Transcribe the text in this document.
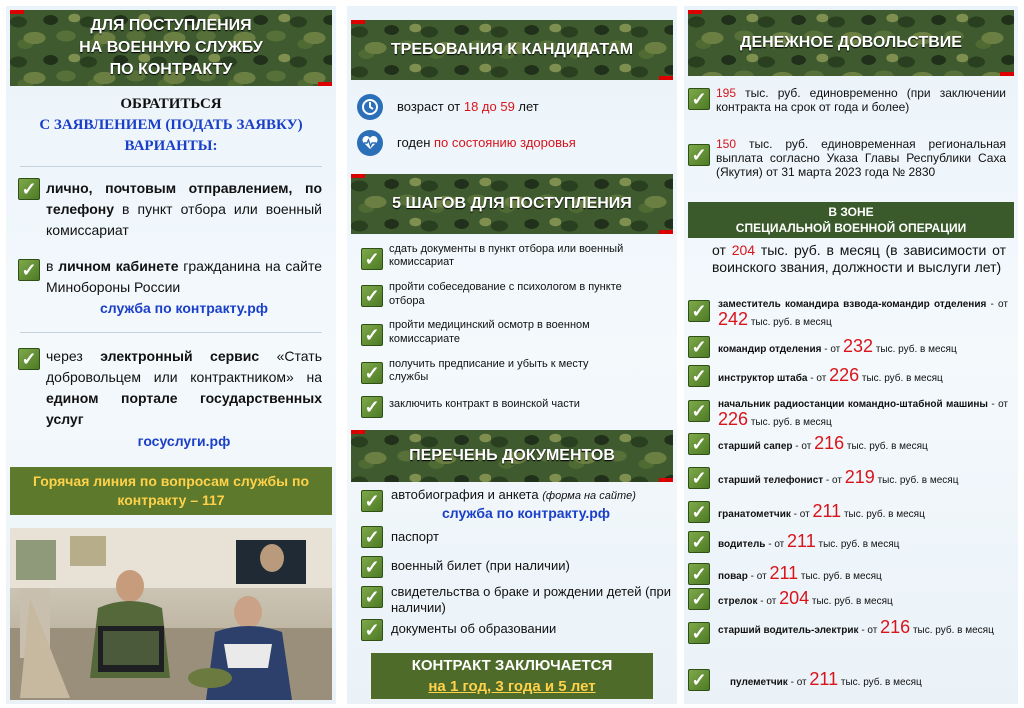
ДЛЯ ПОСТУПЛЕНИЯ
НА ВОЕННУЮ СЛУЖБУ
ПО КОНТРАКТУ
ОБРАТИТЬСЯ
С ЗАЯВЛЕНИЕМ (ПОДАТЬ ЗАЯВКУ)
ВАРИАНТЫ:
✓ лично, почтовым отправлением, по телефону в пункт отбора или военный комиссариат
✓ в личном кабинете гражданина на сайте Минобороны России
служба по контракту.рф
✓ через электронный сервис «Стать добровольцем или контрактником» на едином портале государственных услуг
госуслуги.рф
Горячая линия по вопросам службы по контракту – 117
ТРЕБОВАНИЯ К КАНДИДАТАМ
возраст от 18 до 59 лет
годен по состоянию здоровья
5 ШАГОВ ДЛЯ ПОСТУПЛЕНИЯ
✓ сдать документы в пункт отбора или военный комиссариат
✓ пройти собеседование с психологом в пункте отбора
✓ пройти медицинский осмотр в военном комиссариате
✓ получить предписание и убыть к месту службы
✓ заключить контракт в воинской части
ПЕРЕЧЕНЬ ДОКУМЕНТОВ
✓ автобиография и анкета (форма на сайте)
служба по контракту.рф
✓ паспорт
✓ военный билет (при наличии)
✓ свидетельства о браке и рождении детей (при наличии)
✓ документы об образовании
КОНТРАКТ ЗАКЛЮЧАЕТСЯ
на 1 год, 3 года и 5 лет
ДЕНЕЖНОЕ ДОВОЛЬСТВИЕ
✓ 195 тыс. руб. единовременно (при заключении контракта на срок от года и более)
✓
150 тыс. руб. единовременная региональная выплата согласно Указа Главы Республики Саха (Якутия) от 31 марта 2023 года № 2830
В ЗОНЕ
СПЕЦИАЛЬНОЙ ВОЕННОЙ ОПЕРАЦИИ
от 204 тыс. руб. в месяц (в зависимости от воинского звания, должности и выслуги лет)
✓	заместитель командира взвода-командир отделения - от 242 тыс. руб. в месяц
✓	командир отделения - от 232 тыс. руб. в месяц
✓	инструктор штаба - от 226 тыс. руб. в месяц
✓	начальник радиостанции командно-штабной машины - от 226 тыс. руб. в месяц
✓	старший сапер - от 216 тыс. руб. в месяц
✓	старший телефонист - от 219 тыс. руб. в месяц
✓	гранатометчик - от 211 тыс. руб. в месяц
✓	водитель - от 211 тыс. руб. в месяц
✓	повар - от 211 тыс. руб. в месяц
✓	стрелок - от 204 тыс. руб. в месяц
✓	старший водитель-электрик - от 216 тыс. руб. в месяц
✓	пулеметчик - от 211 тыс. руб. в месяц
